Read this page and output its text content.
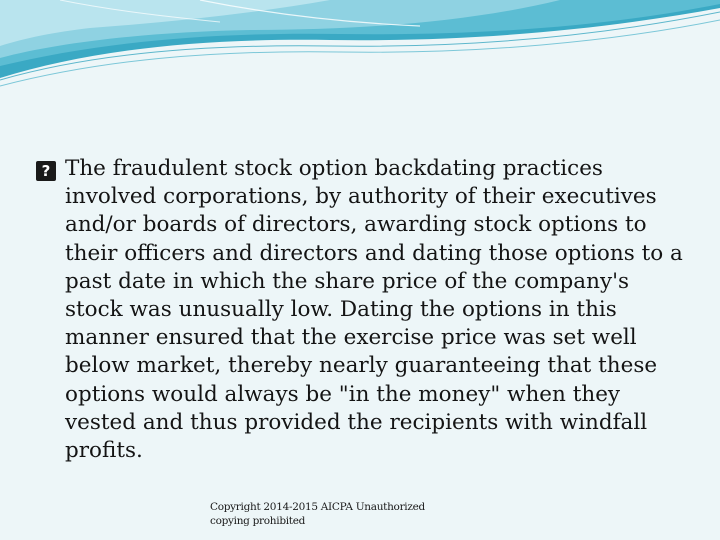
? The fraudulent stock option backdating practices involved corporations, by authority of their executives and/or boards of directors, awarding stock options to their officers and directors and dating those options to a past date in which the share price of the company's stock was unusually low. Dating the options in this manner ensured that the exercise price was set well below market, thereby nearly guaranteeing that these options would always be "in the money" when they vested and thus provided the recipients with windfall profits.

Copyright 2014-2015 AICPA Unauthorized
copying prohibited
